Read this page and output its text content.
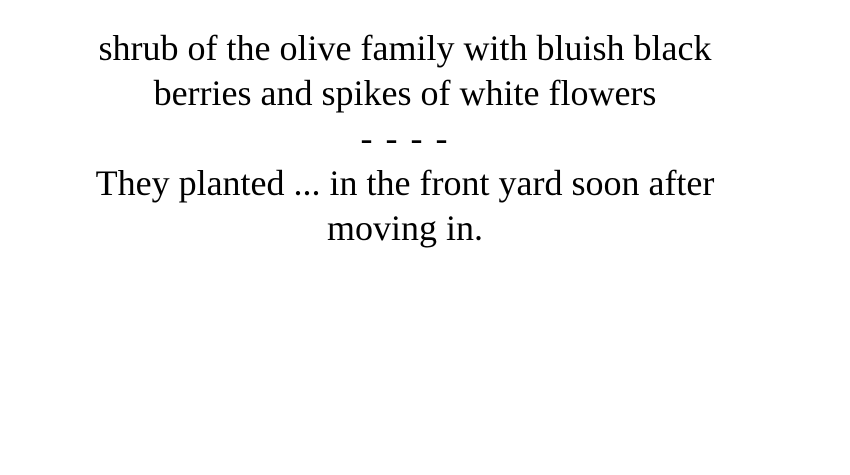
shrub of the olive family with bluish black
berries and spikes of white flowers
- - - -
They planted ... in the front yard soon after
moving in.
